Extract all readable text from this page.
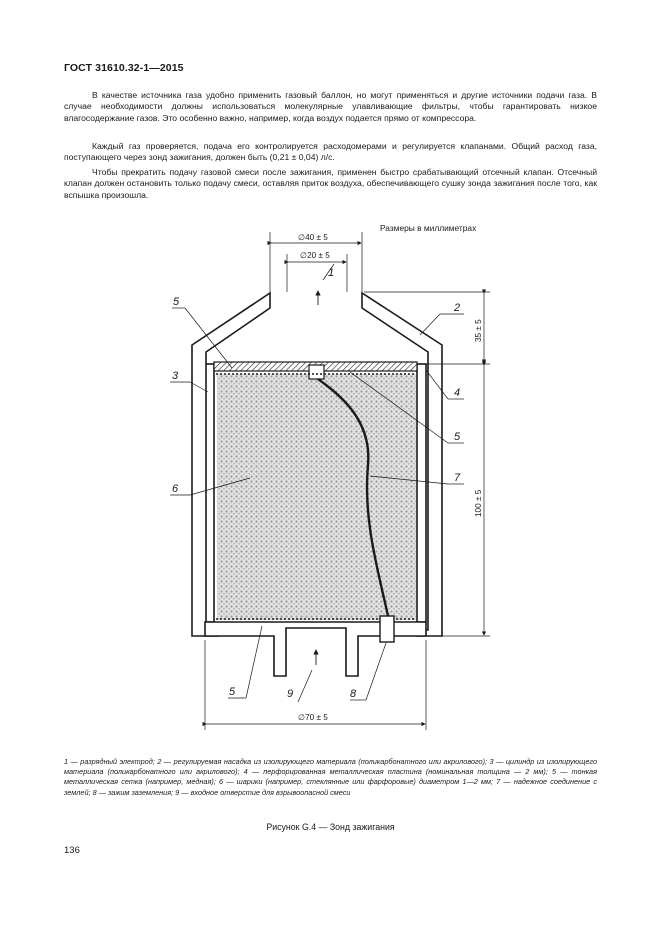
ГОСТ 31610.32-1—2015

В качестве источника газа удобно применить газовый баллон, но могут применяться и другие источники подачи газа. В случае необходимости должны использоваться молекулярные улавливающие фильтры, чтобы гарантировать низкое влагосодержание газов. Это особенно важно, например, когда воздух подается прямо от компрессора.

Каждый газ проверяется, подача его контролируется расходомерами и регулируется клапанами. Общий расход газа, поступающего через зонд зажигания, должен быть (0,21 ± 0,04) л/с.

Чтобы прекратить подачу газовой смеси после зажигания, применен быстро срабатывающий отсечный клапан. Отсечный клапан должен остановить только подачу смеси, оставляя приток воздуха, обеспечивающего сушку зонда зажигания после того, как вспышка произошла.

Размеры в миллиметрах
∅40 ± 5
∅20 ± 5
35 ± 5
100 ± 5
∅70 ± 5
1
2
3
4
5
5
6
7
5	9	8

1 — разрядный электрод; 2 — регулируемая насадка из изолирующего материала (поликарбонатного или акрилового); 3 — цилиндр из изолирующего материала (поликарбонатного или акрилового); 4 — перфорированная металлическая пластина (номинальная толщина — 2 мм); 5 — тонкая металлическая сетка (например, медная); 6 — шарики (например, стеклянные или фарфоровые) диаметром 1—2 мм; 7 — надежное соединение с землей; 8 — зажим заземления; 9 — входное отверстие для взрывоопасной смеси

Рисунок G.4 — Зонд зажигания
136
